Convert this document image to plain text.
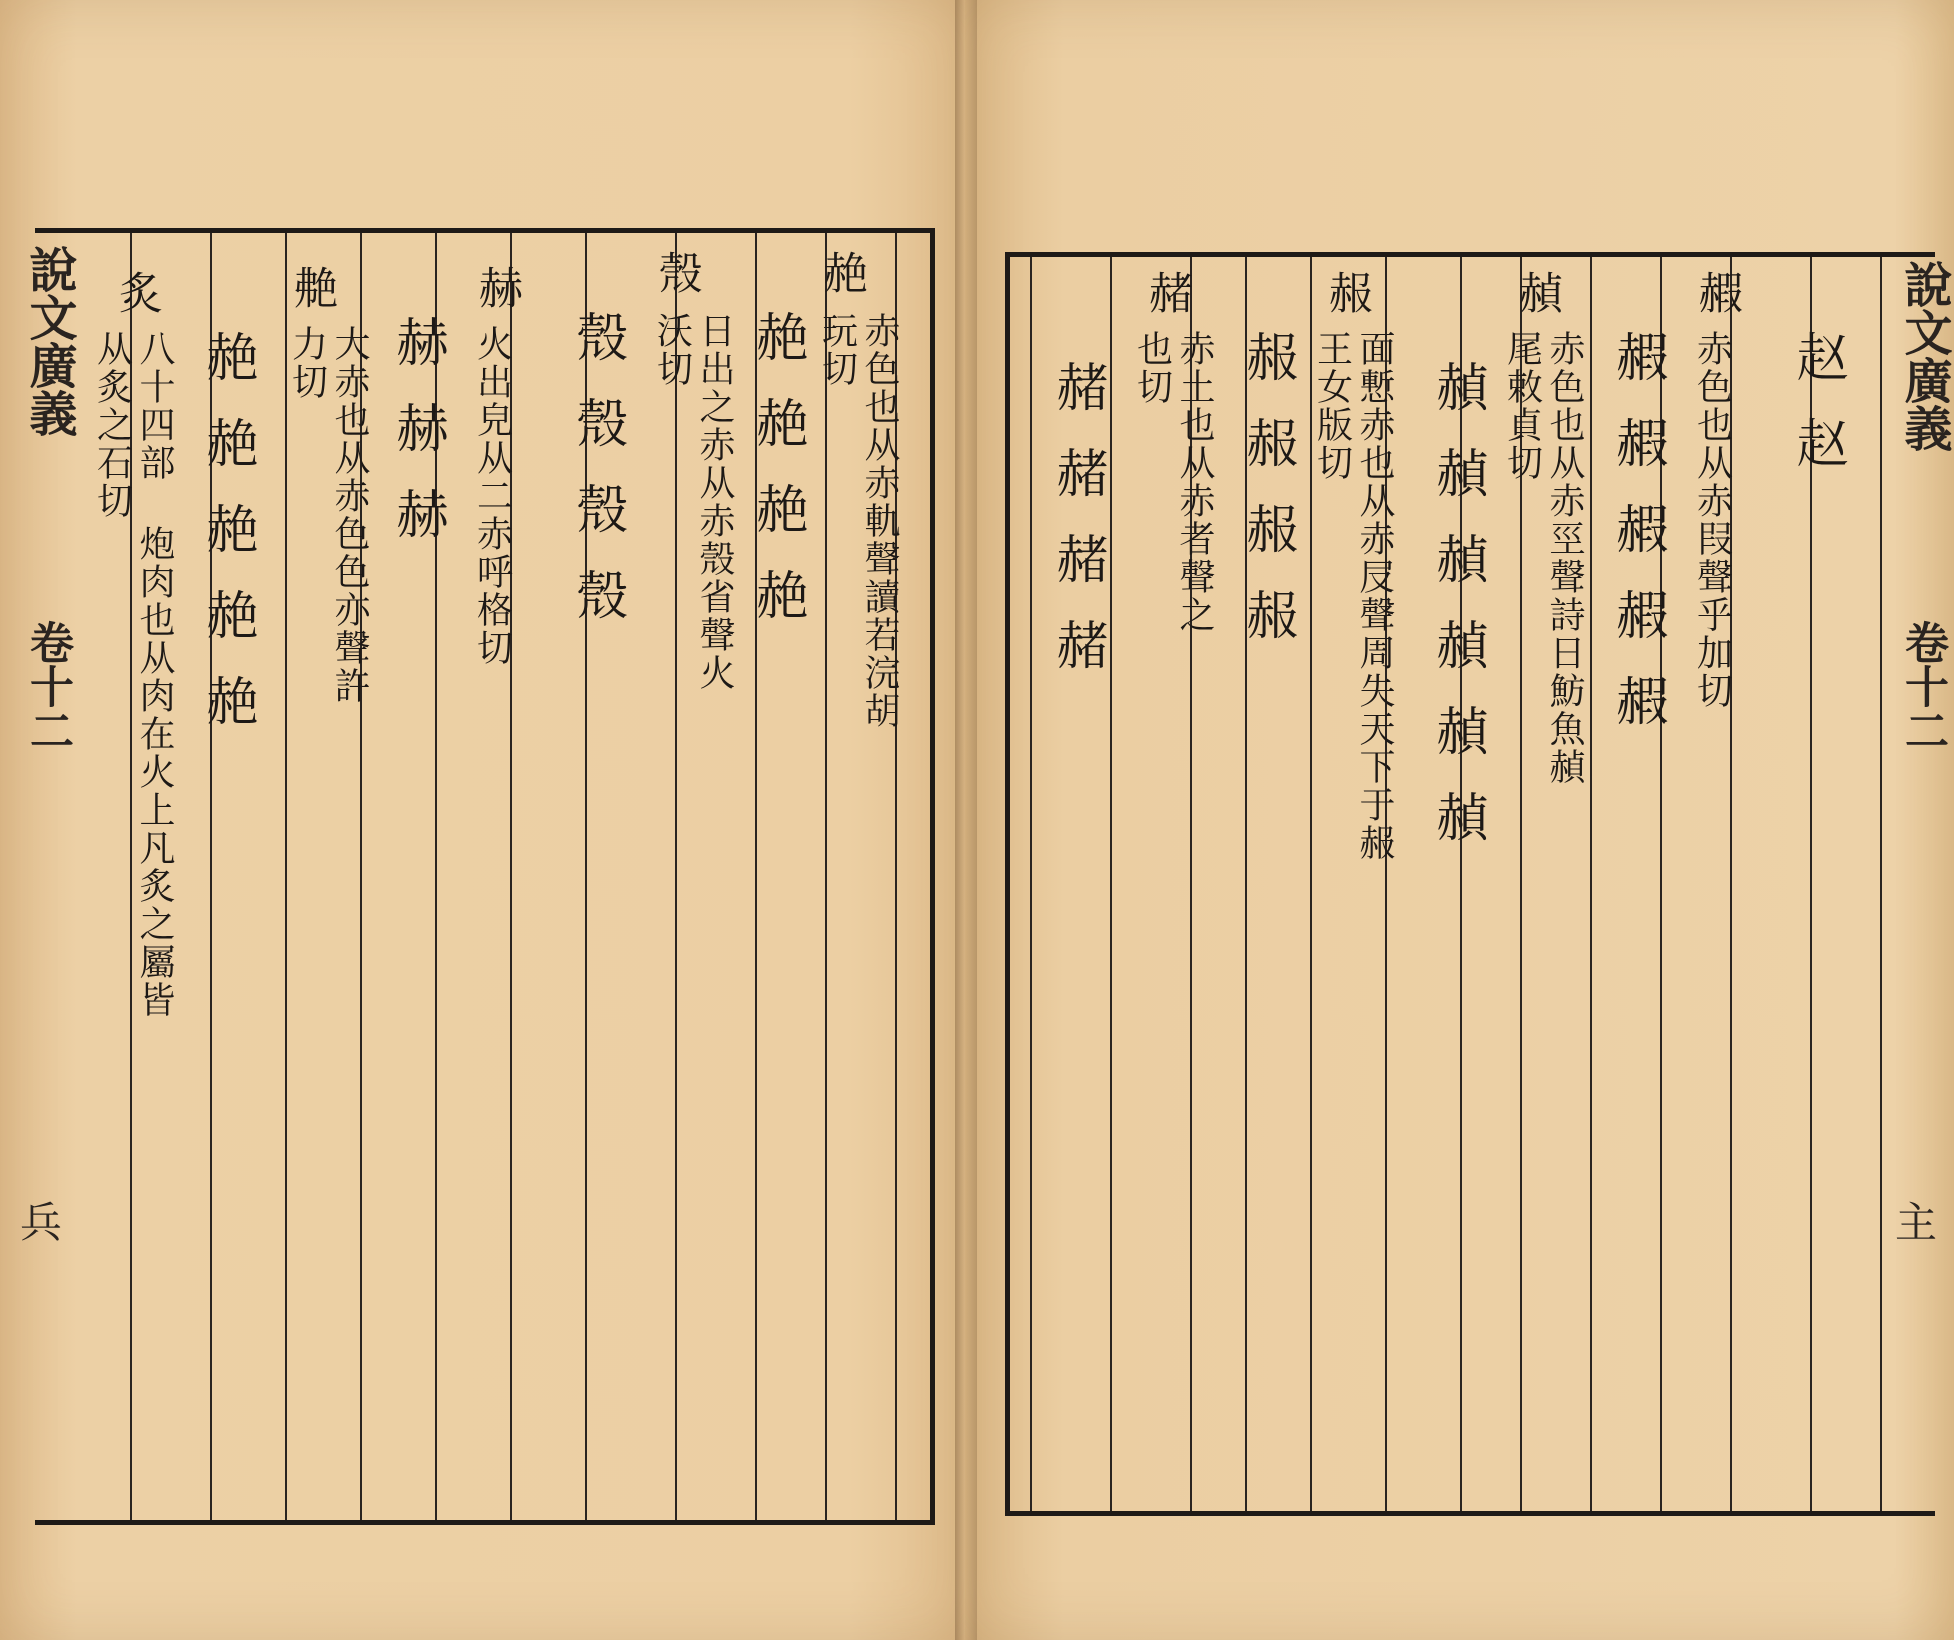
說文廣義
卷十二
兵
赩
赤色也从赤軌聲讀若浣胡玩切
赩赩赩赩
殼
日出之赤从赤殼省聲火沃切
殼殼殼殼
赫
火出皃从二赤呼格切
赫赫赫
艴
大赤也从赤色色亦聲許力切
赩赩赩赩赩
炙
八十四部 炮肉也从肉在火上凡炙之屬皆从炙之石切	說文廣義
卷十二
主
赵赵
赮
赤色也从赤叚聲乎加切
赮赮赮赮赮
赬
赤色也从赤巠聲詩日魴魚赬尾敕貞切
赬赬赬赬赬赬
赧
面慙赤也从赤㞋聲周失天下于赧王女版切
赧赧赧赧
赭
赤土也从赤者聲之也切
赭赭赭赭
